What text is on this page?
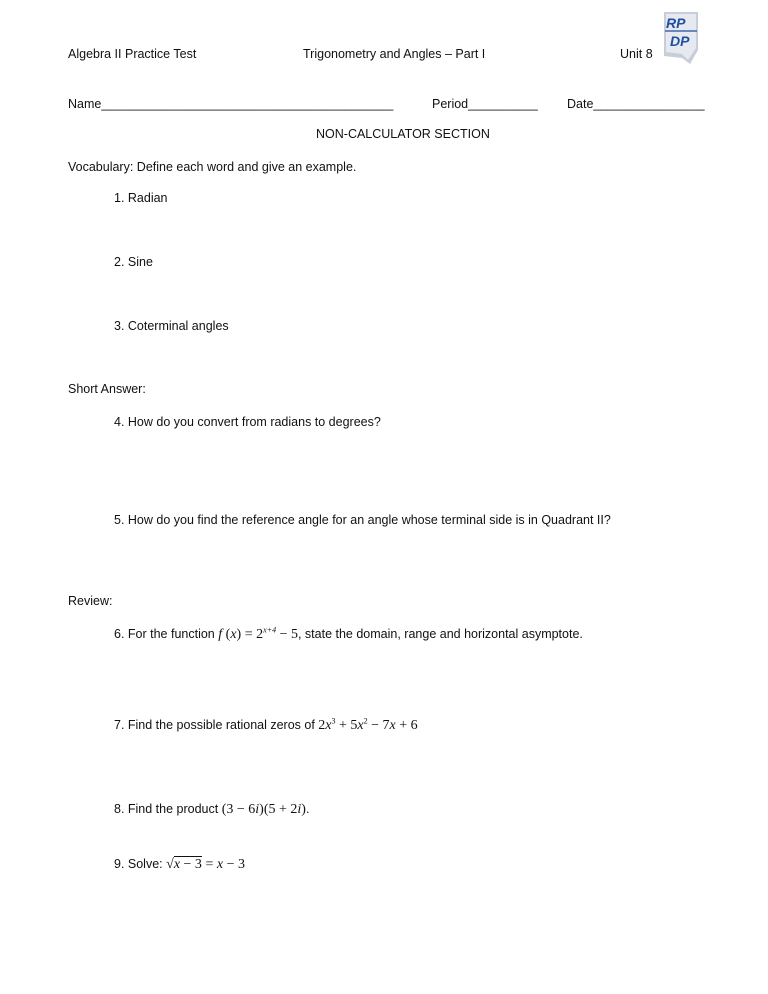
Algebra II Practice Test	Trigonometry and Angles – Part I	Unit 8
RP
DP
Name__________________________________________	Period__________ Date________________
NON-CALCULATOR SECTION
Vocabulary: Define each word and give an example.
1. Radian
2. Sine
3. Coterminal angles
Short Answer:
4. How do you convert from radians to degrees?
5. How do you find the reference angle for an angle whose terminal side is in Quadrant II?
Review:
6. For the function f $(x) = 2^{x+4} - 5$, state the domain, range and horizontal asymptote.
7. Find the possible rational zeros of $2x^3 + 5x^2 - 7x + 6$
8. Find the product (3 − 6i)(5 + 2i).
9. Solve: √x − 3 = x − 3
